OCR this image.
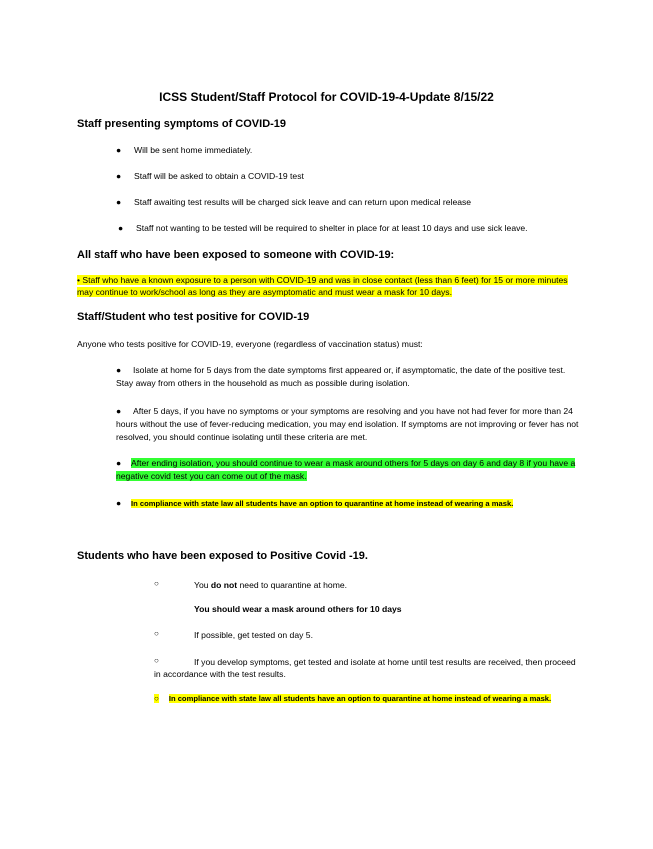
ICSS Student/Staff Protocol for COVID-19-4-Update 8/15/22
Staff presenting symptoms of COVID-19
● Will be sent home immediately.
● Staff will be asked to obtain a COVID-19 test
● Staff awaiting test results will be charged sick leave and can return upon medical release
● Staff not wanting to be tested will be required to shelter in place for at least 10 days and use sick leave.
All staff who have been exposed to someone with COVID-19:
• Staff who have a known exposure to a person with COVID-19 and was in close contact (less than 6 feet) for 15 or more minutes
may continue to work/school as long as they are asymptomatic and must wear a mask for 10 days.
Staff/Student who test positive for COVID-19
Anyone who tests positive for COVID-19, everyone (regardless of vaccination status) must:
● Isolate at home for 5 days from the date symptoms first appeared or, if asymptomatic, the date of the positive test.
Stay away from others in the household as much as possible during isolation.
● After 5 days, if you have no symptoms or your symptoms are resolving and you have not had fever for more than 24
hours without the use of fever-reducing medication, you may end isolation. If symptoms are not improving or fever has not
resolved, you should continue isolating until these criteria are met.
● After ending isolation, you should continue to wear a mask around others for 5 days on day 6 and day 8 if you have a
negative covid test you can come out of the mask.
● In compliance with state law all students have an option to quarantine at home instead of wearing a mask.
Students who have been exposed to Positive Covid -19.
○	You do not need to quarantine at home.
You should wear a mask around others for 10 days
○	If possible, get tested on day 5.
○	If you develop symptoms, get tested and isolate at home until test results are received, then proceed
in accordance with the test results.
○ In compliance with state law all students have an option to quarantine at home instead of wearing a mask.
